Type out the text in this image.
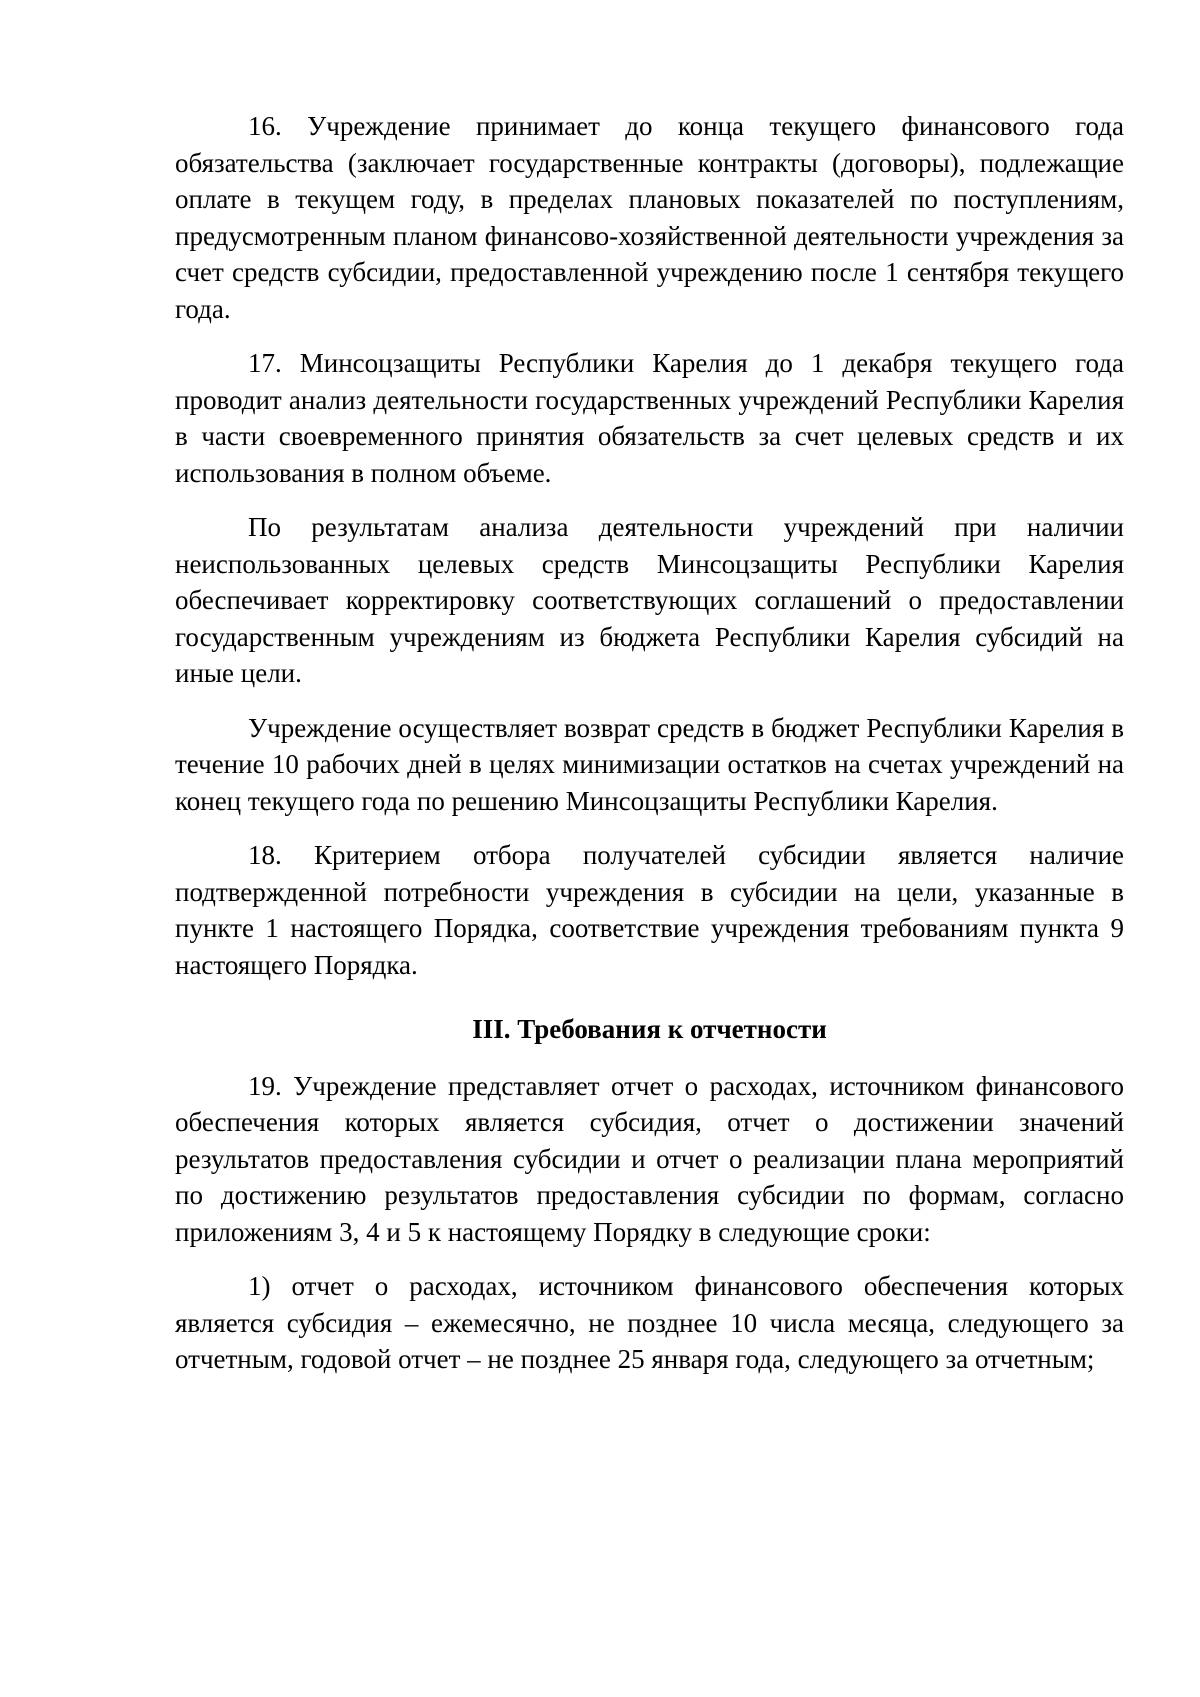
16. Учреждение принимает до конца текущего финансового года обязательства (заключает государственные контракты (договоры), подлежащие оплате в текущем году, в пределах плановых показателей по поступлениям, предусмотренным планом финансово-хозяйственной деятельности учреждения за счет средств субсидии, предоставленной учреждению после 1 сентября текущего года.

17. Минсоцзащиты Республики Карелия до 1 декабря текущего года проводит анализ деятельности государственных учреждений Республики Карелия в части своевременного принятия обязательств за счет целевых средств и их использования в полном объеме.

По результатам анализа деятельности учреждений при наличии неиспользованных целевых средств Минсоцзащиты Республики Карелия обеспечивает корректировку соответствующих соглашений о предоставлении государственным учреждениям из бюджета Республики Карелия субсидий на иные цели.

Учреждение осуществляет возврат средств в бюджет Республики Карелия в течение 10 рабочих дней в целях минимизации остатков на счетах учреждений на конец текущего года по решению Минсоцзащиты Республики Карелия.

18. Критерием отбора получателей субсидии является наличие подтвержденной потребности учреждения в субсидии на цели, указанные в пункте 1 настоящего Порядка, соответствие учреждения требованиям пункта 9 настоящего Порядка.

III. Требования к отчетности

19. Учреждение представляет отчет о расходах, источником финансового обеспечения которых является субсидия, отчет о достижении значений результатов предоставления субсидии и отчет о реализации плана мероприятий по достижению результатов предоставления субсидии по формам, согласно приложениям 3, 4 и 5 к настоящему Порядку в следующие сроки:

1) отчет о расходах, источником финансового обеспечения которых является субсидия – ежемесячно, не позднее 10 числа месяца, следующего за отчетным, годовой отчет – не позднее 25 января года, следующего за отчетным;
